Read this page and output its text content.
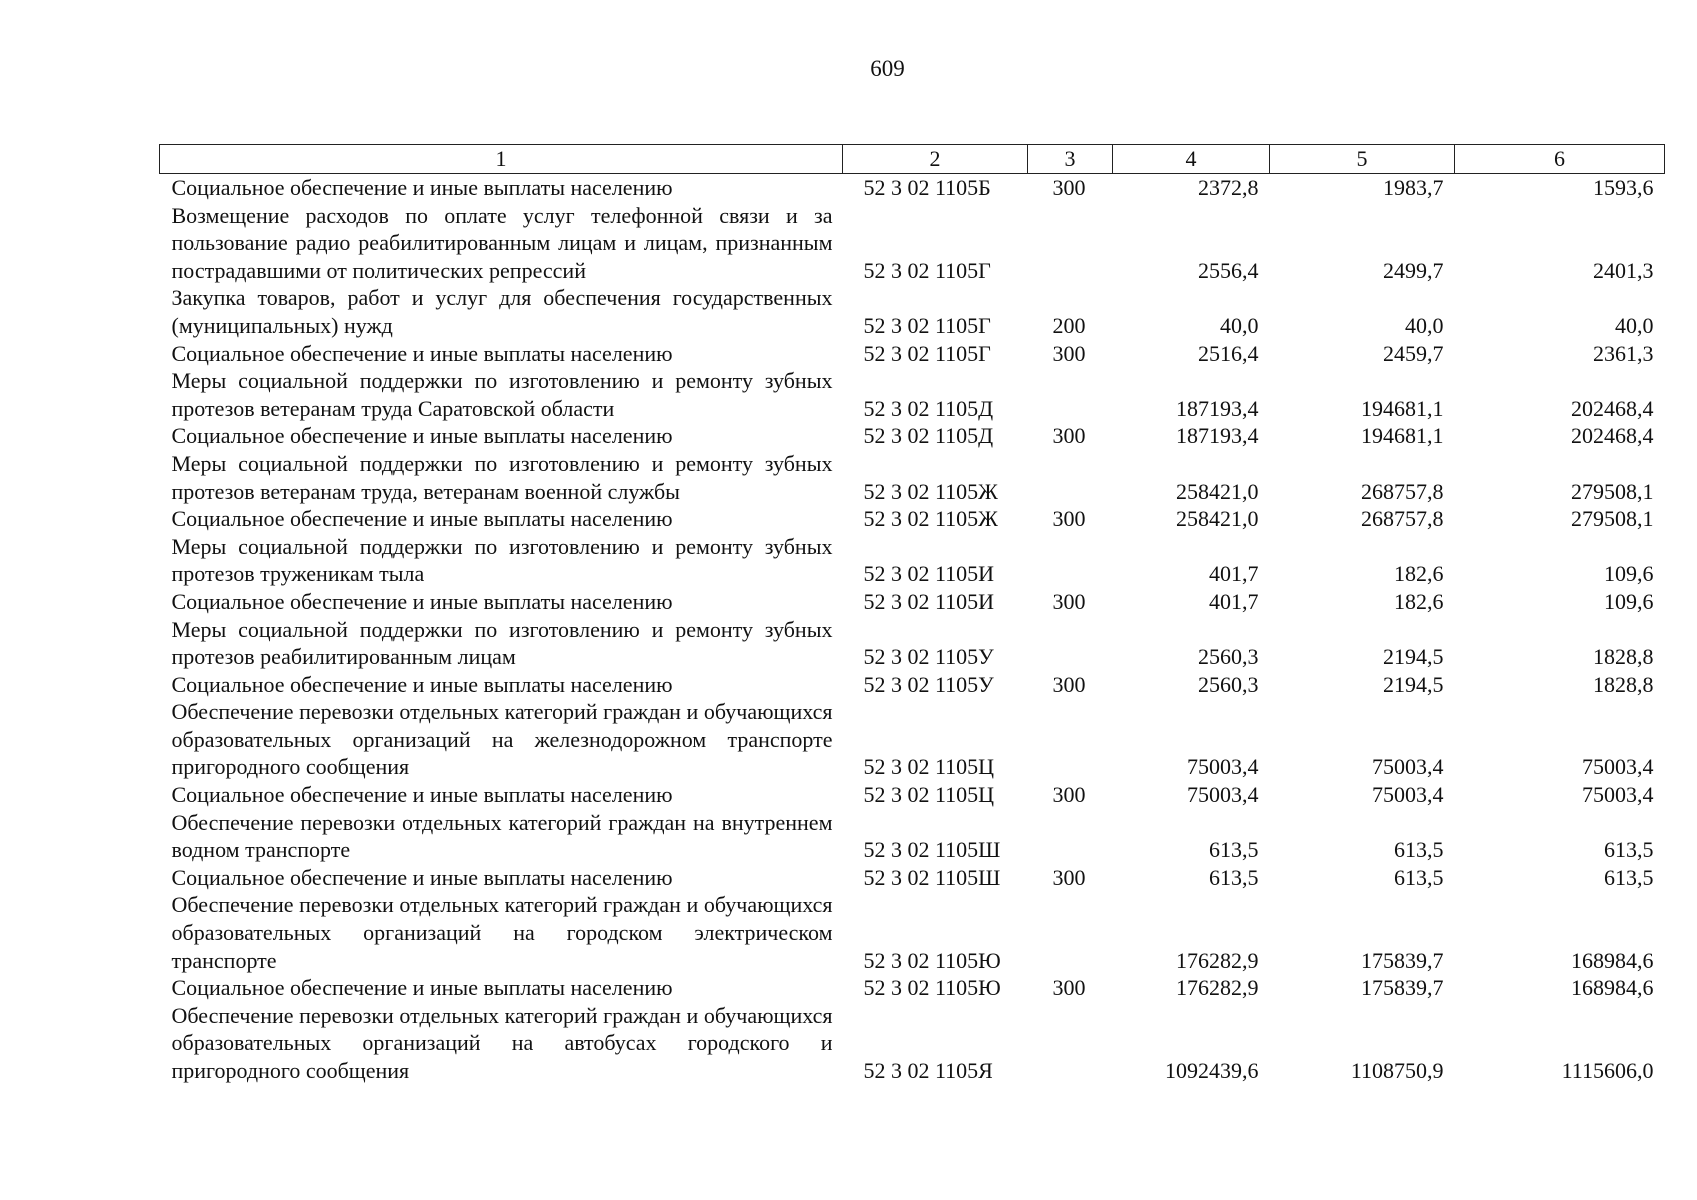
609
1	2	3	4	5	6
Социальное обеспечение и иные выплаты населению	52 3 02 1105Б	300	2372,8	1983,7	1593,6
Возмещение расходов по оплате услуг телефонной связи и за пользование радио реабилитированным лицам и лицам, признанным пострадавшими от политических репрессий	52 3 02 1105Г		2556,4	2499,7	2401,3
Закупка товаров, работ и услуг для обеспечения государственных (муниципальных) нужд	52 3 02 1105Г	200	40,0	40,0	40,0
Социальное обеспечение и иные выплаты населению	52 3 02 1105Г	300	2516,4	2459,7	2361,3
Меры социальной поддержки по изготовлению и ремонту зубных протезов ветеранам труда Саратовской области	52 3 02 1105Д		187193,4	194681,1	202468,4
Социальное обеспечение и иные выплаты населению	52 3 02 1105Д	300	187193,4	194681,1	202468,4
Меры социальной поддержки по изготовлению и ремонту зубных протезов ветеранам труда, ветеранам военной службы	52 3 02 1105Ж		258421,0	268757,8	279508,1
Социальное обеспечение и иные выплаты населению	52 3 02 1105Ж	300	258421,0	268757,8	279508,1
Меры социальной поддержки по изготовлению и ремонту зубных протезов труженикам тыла	52 3 02 1105И		401,7	182,6	109,6
Социальное обеспечение и иные выплаты населению	52 3 02 1105И	300	401,7	182,6	109,6
Меры социальной поддержки по изготовлению и ремонту зубных протезов реабилитированным лицам	52 3 02 1105У		2560,3	2194,5	1828,8
Социальное обеспечение и иные выплаты населению	52 3 02 1105У	300	2560,3	2194,5	1828,8
Обеспечение перевозки отдельных категорий граждан и обучающихся образовательных организаций на железнодорожном транспорте пригородного сообщения	52 3 02 1105Ц		75003,4	75003,4	75003,4
Социальное обеспечение и иные выплаты населению	52 3 02 1105Ц	300	75003,4	75003,4	75003,4
Обеспечение перевозки отдельных категорий граждан на внутреннем водном транспорте	52 3 02 1105Ш		613,5	613,5	613,5
Социальное обеспечение и иные выплаты населению	52 3 02 1105Ш	300	613,5	613,5	613,5
Обеспечение перевозки отдельных категорий граждан и обучающихся образовательных организаций на городском электрическом транспорте	52 3 02 1105Ю		176282,9	175839,7	168984,6
Социальное обеспечение и иные выплаты населению	52 3 02 1105Ю	300	176282,9	175839,7	168984,6
Обеспечение перевозки отдельных категорий граждан и обучающихся образовательных организаций на автобусах городского и пригородного сообщения	52 3 02 1105Я		1092439,6	1108750,9	1115606,0
